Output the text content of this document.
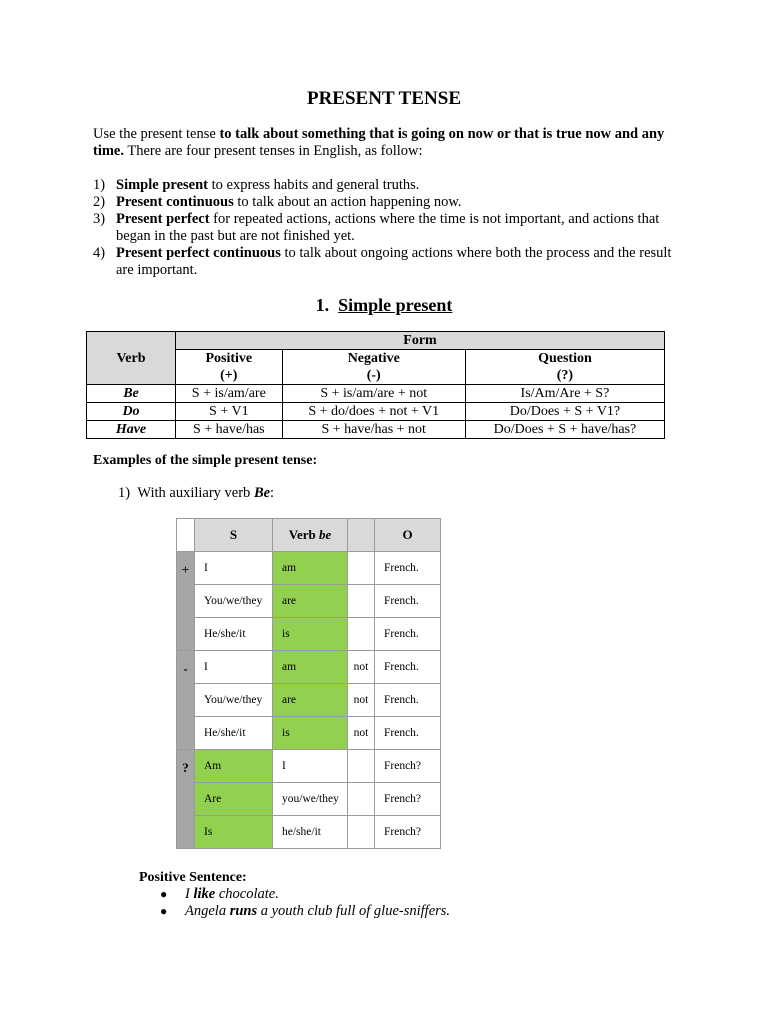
PRESENT TENSE
Use the present tense to talk about something that is going on now or that is true now and any time. There are four present tenses in English, as follow:
1) Simple present to express habits and general truths.
2) Present continuous to talk about an action happening now.
3) Present perfect for repeated actions, actions where the time is not important, and actions that began in the past but are not finished yet.
4) Present perfect continuous to talk about ongoing actions where both the process and the result are important.
1. Simple present
Verb	Form		
	Positive	Negative	Question
	(+)	(-)	(?)
Be	S + is/am/are	S + is/am/are + not	Is/Am/Are + S?
Do	S + V1	S + do/does + not + V1	Do/Does + S + V1?
Have	S + have/has	S + have/has + not	Do/Does + S + have/has?
Examples of the simple present tense:
1) With auxiliary verb Be:
	S	Verb be		O
+	I	am		French.
	You/we/they	are		French.
	He/she/it	is		French.
-	I	am	not	French.
	You/we/they	are	not	French.
	He/she/it	is	not	French.
?	Am	I		French?
	Are	you/we/they		French?
	Is	he/she/it		French?
Positive Sentence:
● I like chocolate.
● Angela runs a youth club full of glue-sniffers.
